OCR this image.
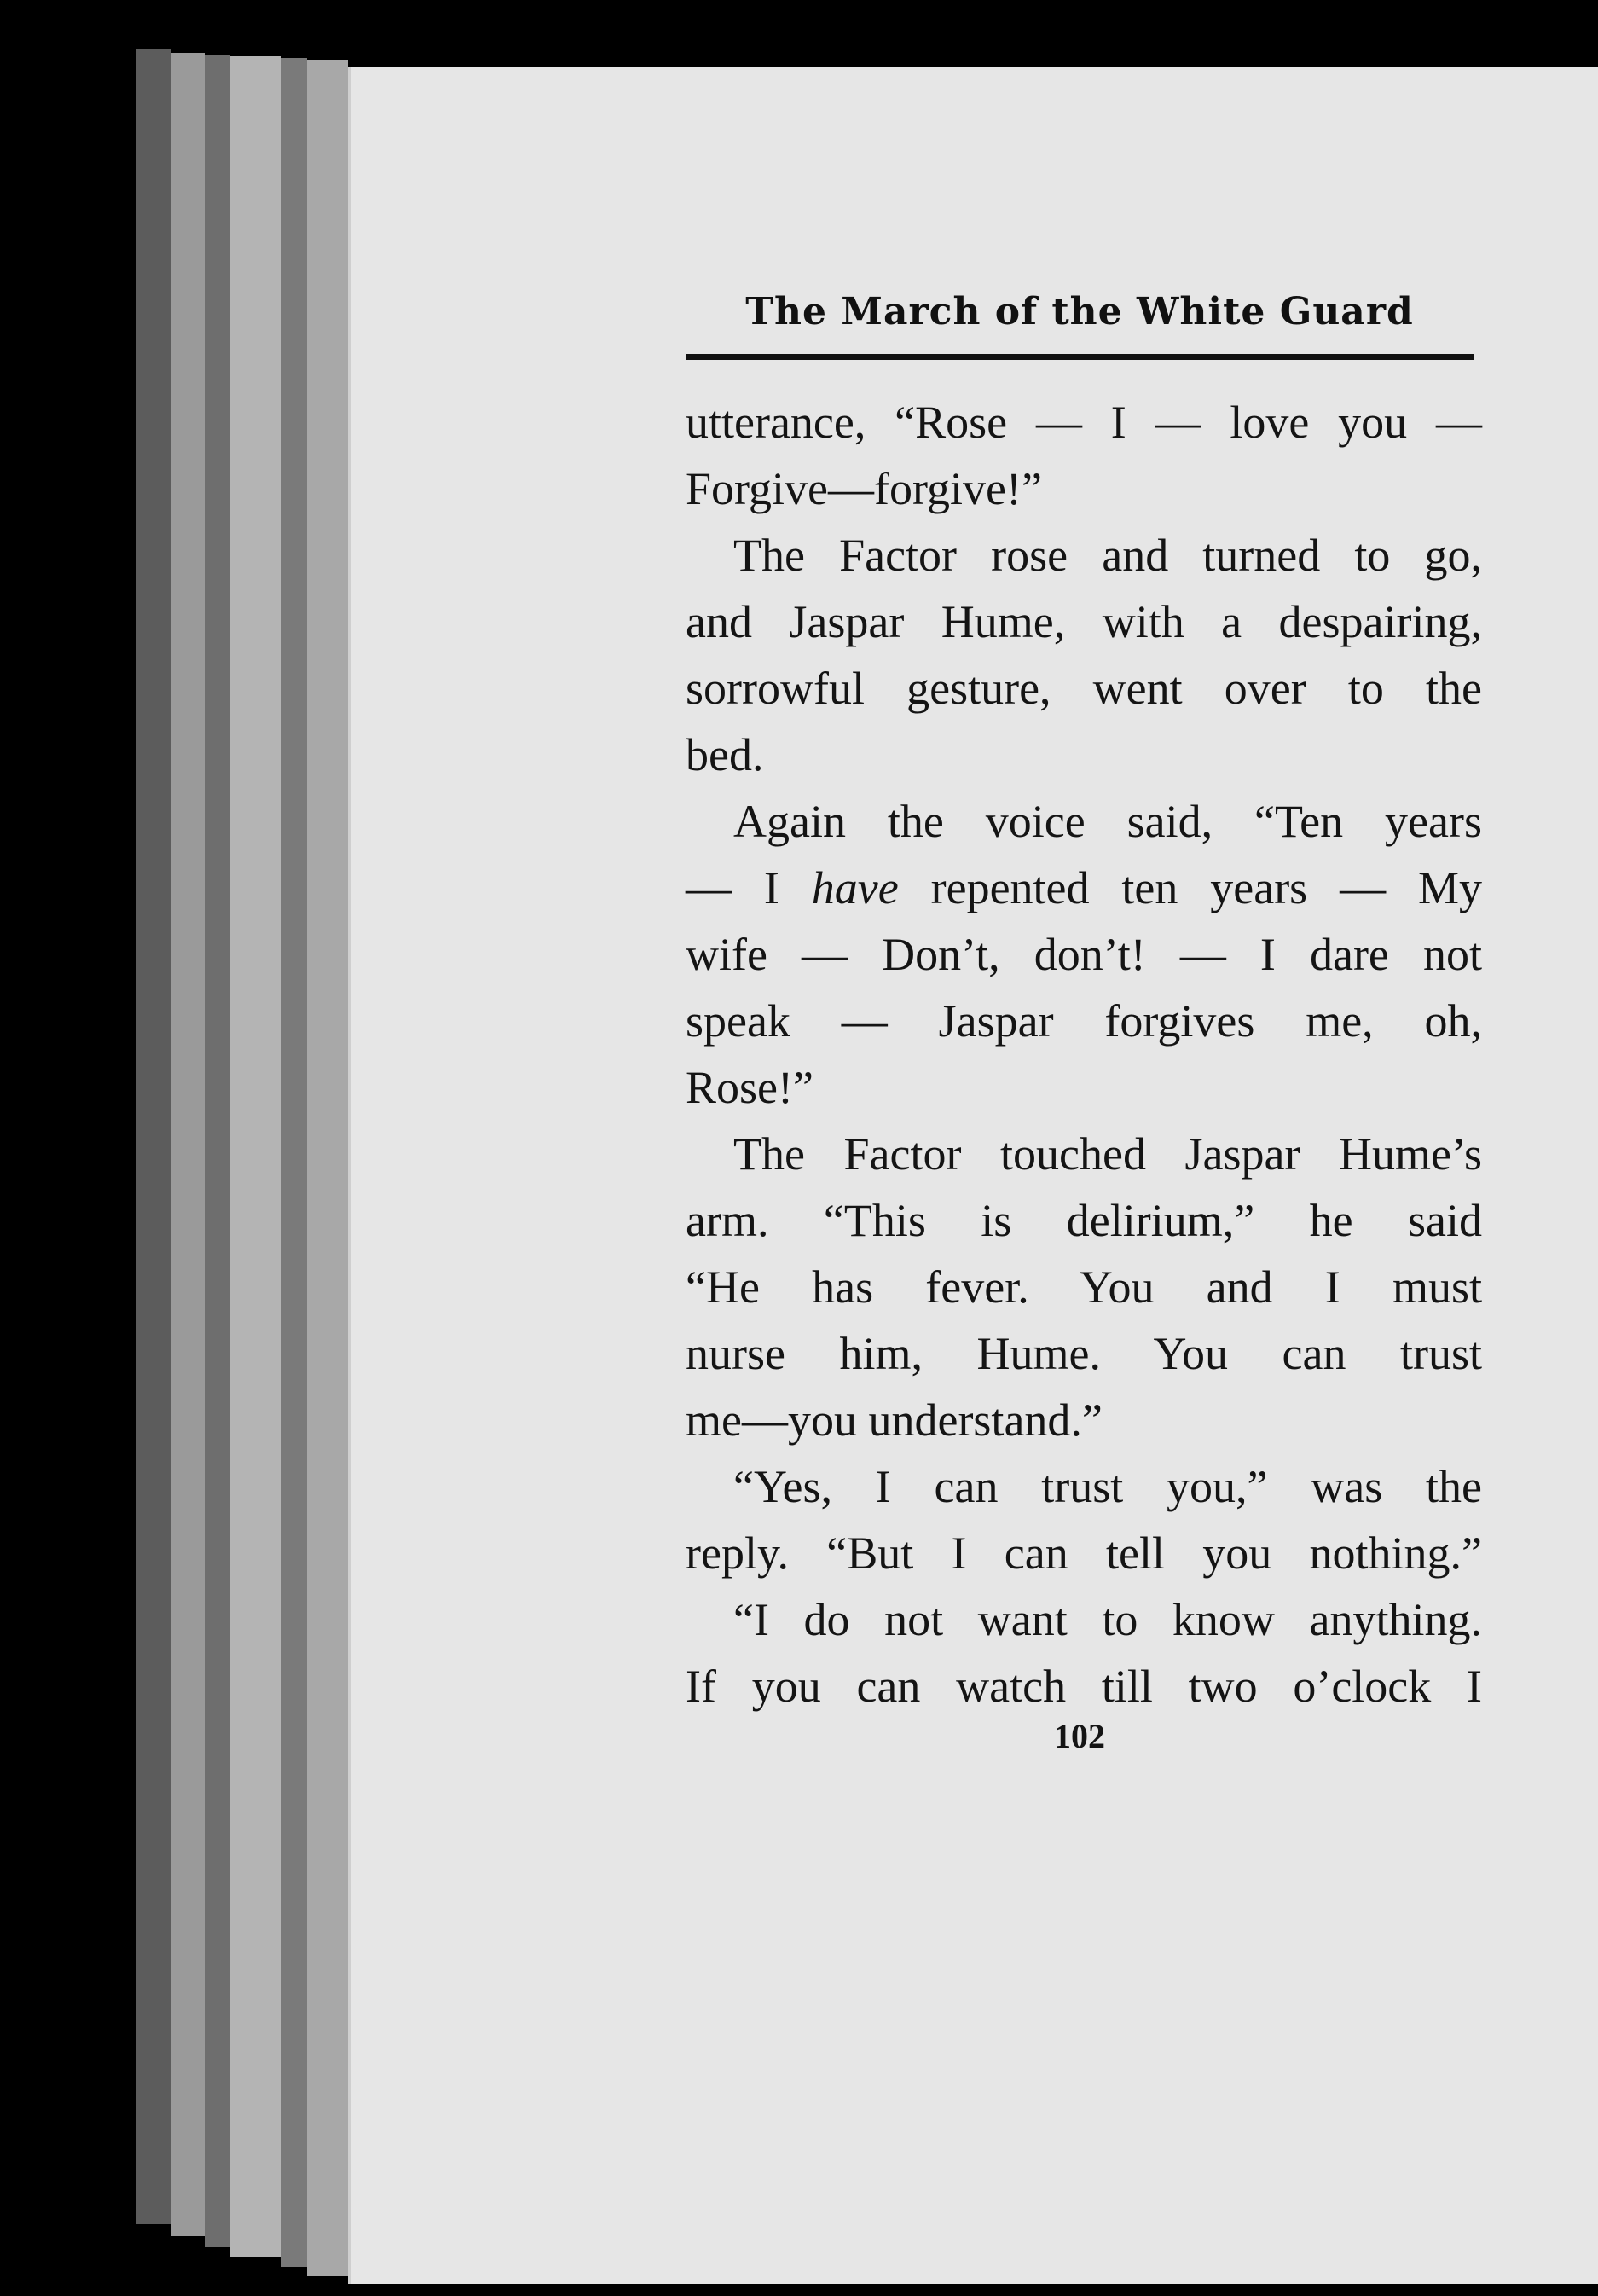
The March of the White Guard
utterance, “Rose — I — love you —
Forgive—forgive!”
The Factor rose and turned to go,
and Jaspar Hume, with a despairing,
sorrowful gesture, went over to the
bed.
Again the voice said, “Ten years
— I have repented ten years — My
wife — Don’t, don’t! — I dare not
speak — Jaspar forgives me, oh,
Rose!”
The Factor touched Jaspar Hume’s
arm. “This is delirium,” he said
“He has fever. You and I must
nurse him, Hume. You can trust
me—you understand.”
“Yes, I can trust you,” was the
reply. “But I can tell you nothing.”
“I do not want to know anything.
If you can watch till two o’clock I
102
